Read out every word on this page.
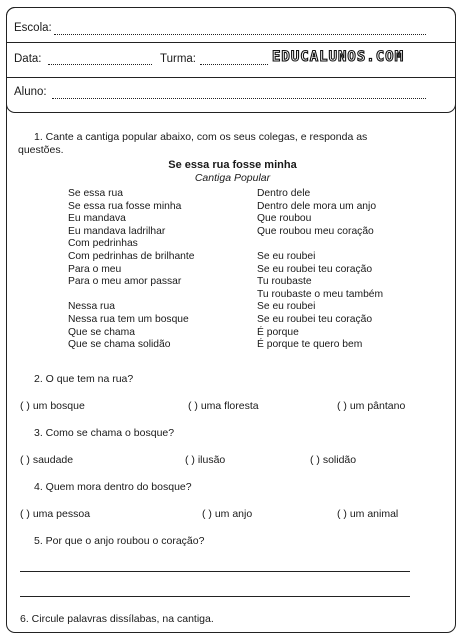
Escola:
Data:	Turma:	EDUCALUNOS.COM
Aluno:
1. Cante a cantiga popular abaixo, com os seus colegas, e responda as
questões.
Se essa rua fosse minha
Cantiga Popular
Se essa rua
Se essa rua fosse minha
Eu mandava
Eu mandava ladrilhar
Com pedrinhas
Com pedrinhas de brilhante
Para o meu
Para o meu amor passar
Nessa rua
Nessa rua tem um bosque
Que se chama
Que se chama solidão
Dentro dele
Dentro dele mora um anjo
Que roubou
Que roubou meu coração
Se eu roubei
Se eu roubei teu coração
Tu roubaste
Tu roubaste o meu também
Se eu roubei
Se eu roubei teu coração
É porque
É porque te quero bem
2. O que tem na rua?
( ) um bosque	( ) uma floresta	( ) um pântano
3. Como se chama o bosque?
( ) saudade	( ) ilusão	( ) solidão
4. Quem mora dentro do bosque?
( ) uma pessoa	( ) um anjo	( ) um animal
5. Por que o anjo roubou o coração?
6. Circule palavras dissílabas, na cantiga.
